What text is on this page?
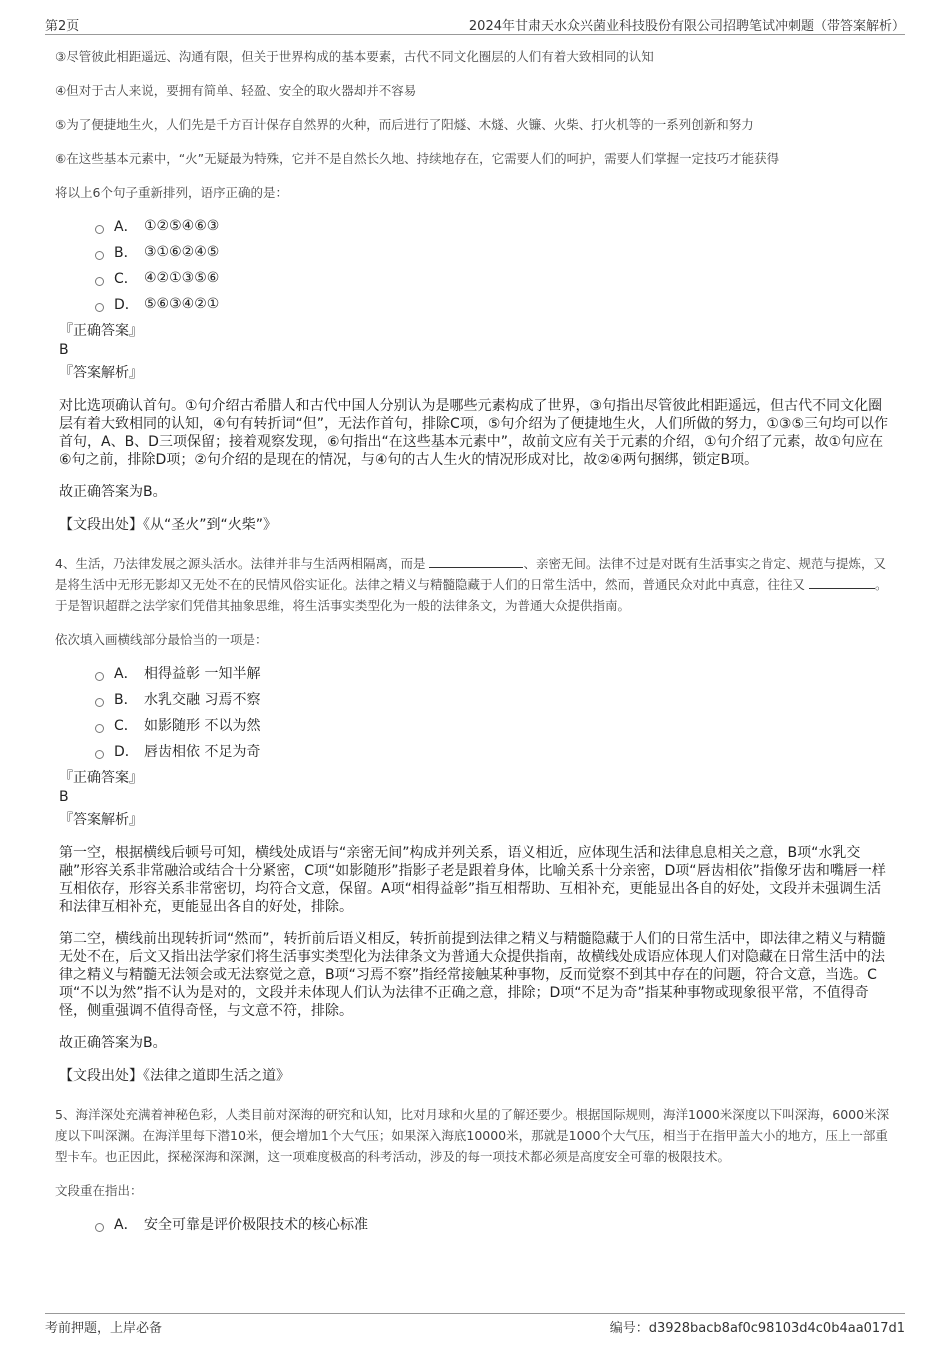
第2页	2024年甘肃天水众兴菌业科技股份有限公司招聘笔试冲刺题（带答案解析）

③尽管彼此相距遥远、沟通有限，但关于世界构成的基本要素，古代不同文化圈层的人们有着大致相同的认知

④但对于古人来说，要拥有简单、轻盈、安全的取火器却并不容易

⑤为了便捷地生火，人们先是千方百计保存自然界的火种，而后进行了阳燧、木燧、火镰、火柴、打火机等的一系列创新和努力

⑥在这些基本元素中，“火”无疑最为特殊，它并不是自然长久地、持续地存在，它需要人们的呵护，需要人们掌握一定技巧才能获得

将以上6个句子重新排列，语序正确的是：

A． ①②⑤④⑥③
B． ③①⑥②④⑤
C． ④②①③⑤⑥
D． ⑤⑥③④②①

『正确答案』

B

『答案解析』

对比选项确认首句。①句介绍古希腊人和古代中国人分别认为是哪些元素构成了世界，③句指出尽管彼此相距遥远，但古代不同文化圈层有着大致相同的认知，④句有转折词“但”，无法作首句，排除C项，⑤句介绍为了便捷地生火，人们所做的努力，①③⑤三句均可以作首句，A、B、D三项保留；接着观察发现，⑥句指出“在这些基本元素中”，故前文应有关于元素的介绍，①句介绍了元素，故①句应在⑥句之前，排除D项；②句介绍的是现在的情况，与④句的古人生火的情况形成对比，故②④两句捆绑，锁定B项。

故正确答案为B。

【文段出处】《从“圣火”到“火柴”》

4、生活，乃法律发展之源头活水。法律并非与生活两相隔离，而是	、亲密无间。法律不过是对既有生活事实之肯定、规范与提炼，又是将生活中无形无影却又无处不在的民情风俗实证化。法律之精义与精髓隐藏于人们的日常生活中，然而，普通民众对此中真意，往往又	。于是智识超群之法学家们凭借其抽象思维，将生活事实类型化为一般的法律条文，为普通大众提供指南。

依次填入画横线部分最恰当的一项是：

A． 相得益彰 一知半解
B． 水乳交融 习焉不察
C． 如影随形 不以为然
D． 唇齿相依 不足为奇

『正确答案』

B

『答案解析』

第一空，根据横线后顿号可知，横线处成语与“亲密无间”构成并列关系，语义相近，应体现生活和法律息息相关之意，B项“水乳交融”形容关系非常融洽或结合十分紧密，C项“如影随形”指影子老是跟着身体，比喻关系十分亲密，D项“唇齿相依”指像牙齿和嘴唇一样互相依存，形容关系非常密切，均符合文意，保留。A项“相得益彰”指互相帮助、互相补充，更能显出各自的好处，文段并未强调生活和法律互相补充，更能显出各自的好处，排除。

第二空，横线前出现转折词“然而”，转折前后语义相反，转折前提到法律之精义与精髓隐藏于人们的日常生活中，即法律之精义与精髓无处不在，后文又指出法学家们将生活事实类型化为法律条文为普通大众提供指南，故横线处成语应体现人们对隐藏在日常生活中的法律之精义与精髓无法领会或无法察觉之意，B项“习焉不察”指经常接触某种事物，反而觉察不到其中存在的问题，符合文意，当选。C项“不以为然”指不认为是对的，文段并未体现人们认为法律不正确之意，排除；D项“不足为奇”指某种事物或现象很平常，不值得奇怪，侧重强调不值得奇怪，与文意不符，排除。

故正确答案为B。

【文段出处】《法律之道即生活之道》

5、海洋深处充满着神秘色彩，人类目前对深海的研究和认知，比对月球和火星的了解还要少。根据国际规则，海洋1000米深度以下叫深海，6000米深度以下叫深渊。在海洋里每下潜10米，便会增加1个大气压；如果深入海底10000米，那就是1000个大气压，相当于在指甲盖大小的地方，压上一部重型卡车。也正因此，探秘深海和深渊，这一项难度极高的科考活动，涉及的每一项技术都必须是高度安全可靠的极限技术。

文段重在指出：

A． 安全可靠是评价极限技术的核心标准
考前押题，上岸必备	编号：d3928bacb8af0c98103d4c0b4aa017d1
